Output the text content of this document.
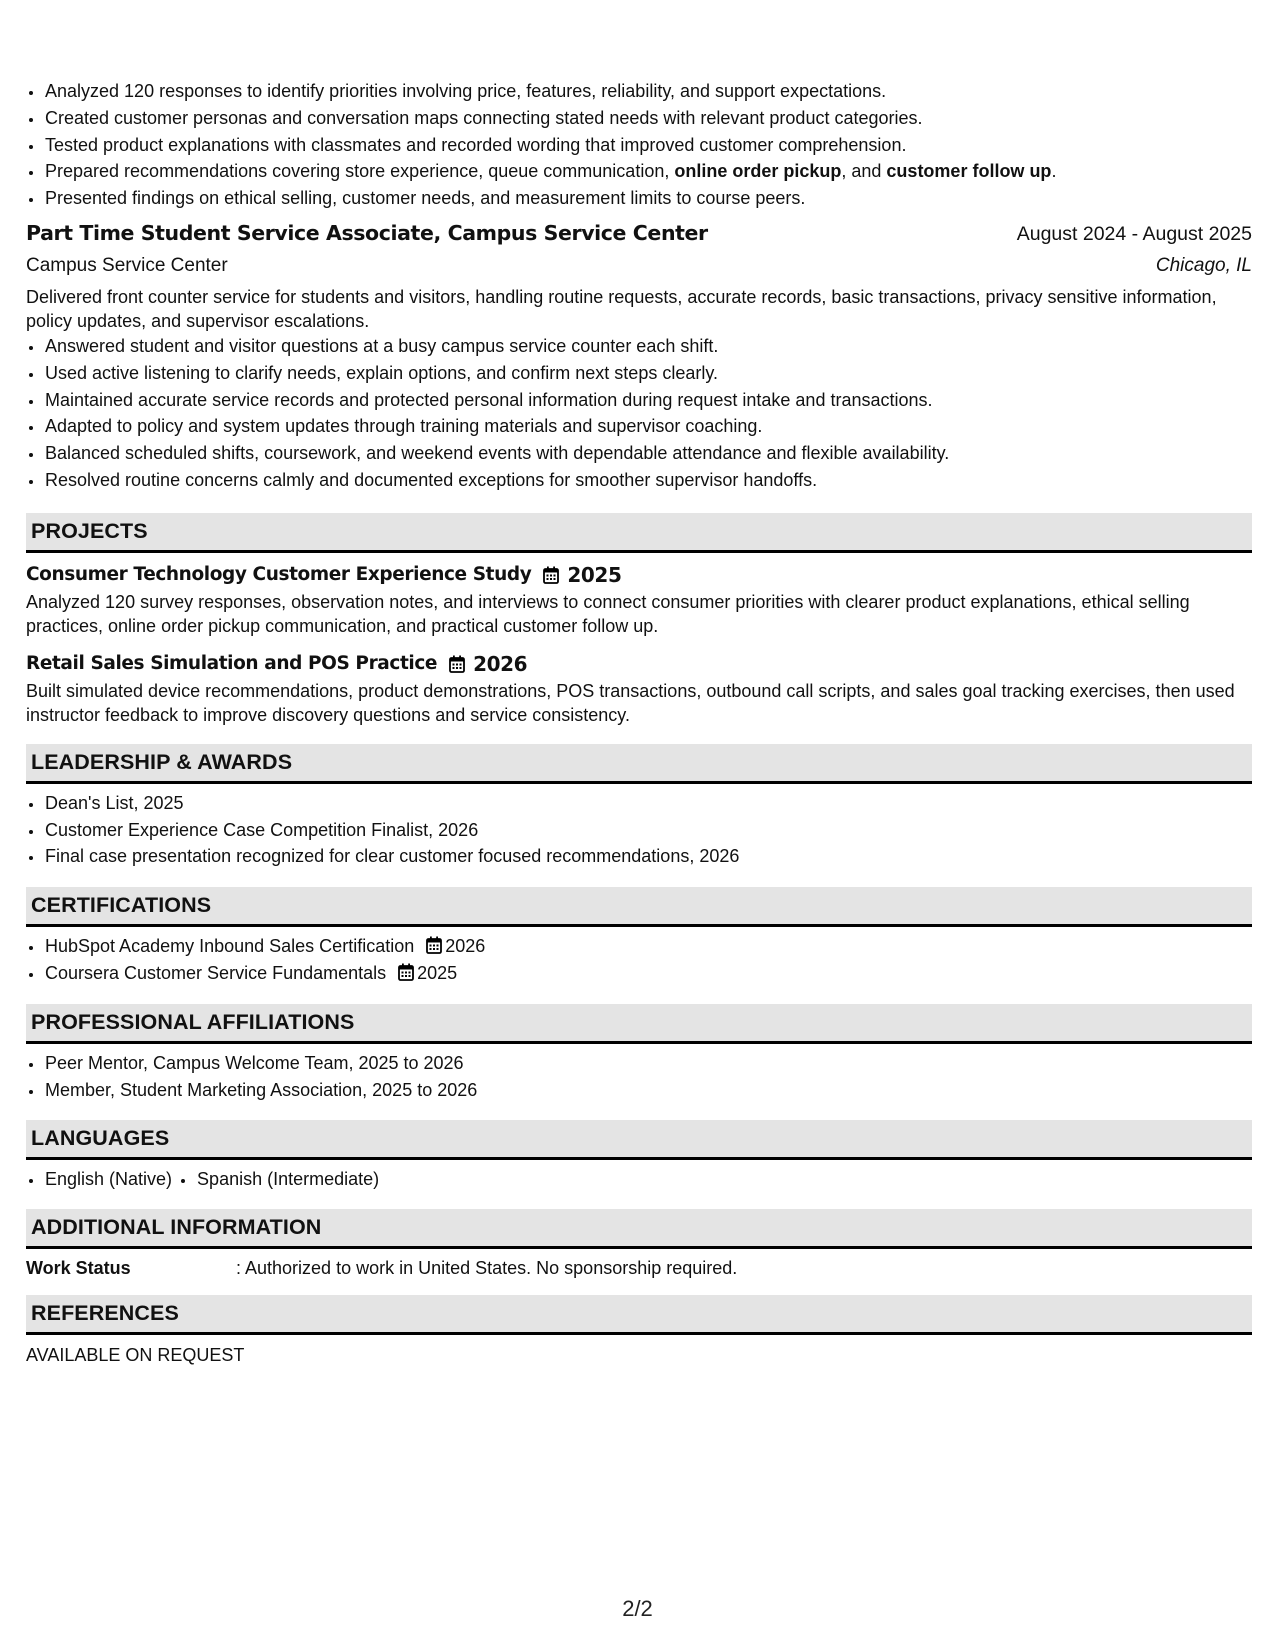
• Analyzed 120 responses to identify priorities involving price, features, reliability, and support expectations.
• Created customer personas and conversation maps connecting stated needs with relevant product categories.
• Tested product explanations with classmates and recorded wording that improved customer comprehension.
• Prepared recommendations covering store experience, queue communication, online order pickup, and customer follow up.
• Presented findings on ethical selling, customer needs, and measurement limits to course peers.
Part Time Student Service Associate, Campus Service Center	August 2024 - August 2025
Campus Service Center	Chicago, IL
Delivered front counter service for students and visitors, handling routine requests, accurate records, basic transactions, privacy sensitive information, policy updates, and supervisor escalations.
• Answered student and visitor questions at a busy campus service counter each shift.
• Used active listening to clarify needs, explain options, and confirm next steps clearly.
• Maintained accurate service records and protected personal information during request intake and transactions.
• Adapted to policy and system updates through training materials and supervisor coaching.
• Balanced scheduled shifts, coursework, and weekend events with dependable attendance and flexible availability.
• Resolved routine concerns calmly and documented exceptions for smoother supervisor handoffs.
PROJECTS
Consumer Technology Customer Experience Study 2025
Analyzed 120 survey responses, observation notes, and interviews to connect consumer priorities with clearer product explanations, ethical selling practices, online order pickup communication, and practical customer follow up.
Retail Sales Simulation and POS Practice 2026
Built simulated device recommendations, product demonstrations, POS transactions, outbound call scripts, and sales goal tracking exercises, then used instructor feedback to improve discovery questions and service consistency.
LEADERSHIP & AWARDS
• Dean's List, 2025
• Customer Experience Case Competition Finalist, 2026
• Final case presentation recognized for clear customer focused recommendations, 2026
CERTIFICATIONS
• HubSpot Academy Inbound Sales Certification 2026
• Coursera Customer Service Fundamentals 2025
PROFESSIONAL AFFILIATIONS
• Peer Mentor, Campus Welcome Team, 2025 to 2026
• Member, Student Marketing Association, 2025 to 2026
LANGUAGES
• English (Native)
• Spanish (Intermediate)
ADDITIONAL INFORMATION
Work Status	: Authorized to work in United States. No sponsorship required.
REFERENCES
AVAILABLE ON REQUEST
2/2
